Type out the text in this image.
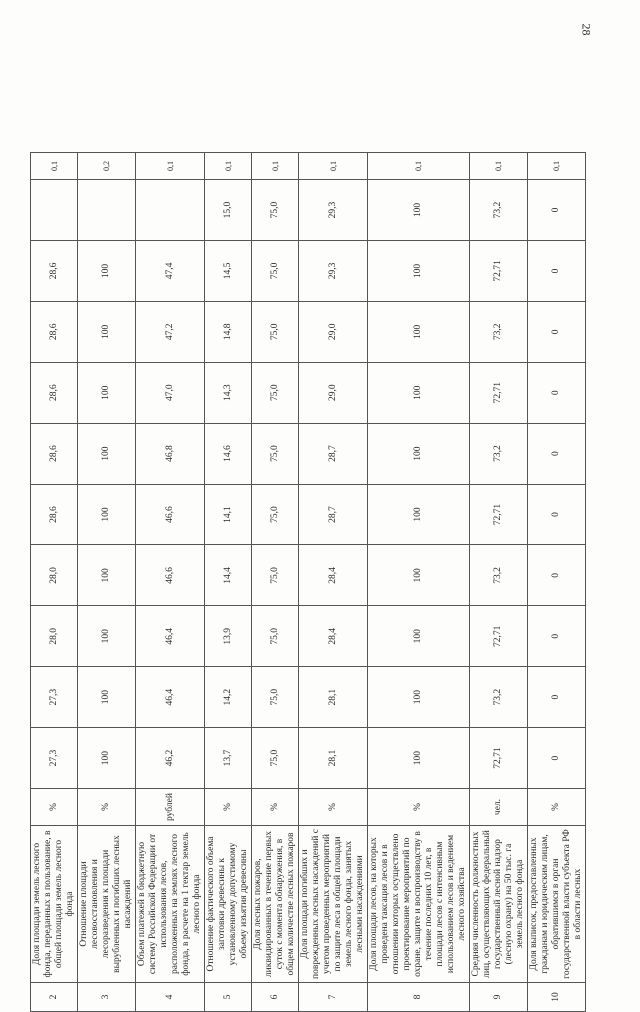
28
2	Доля площади земель лесного фонда, переданных в пользование, в общей площади земель лесного фонда	%	27,3	27,3	28,0	28,0	28,6	28,6	28,6	28,6	28,6		0,1
3	Отношение площади лесовосстановления и лесоразведения к площади вырубленных и погибших лесных насаждений	%	100	100	100	100	100	100	100	100	100		0,2
4	Объем платежей в бюджетную систему Российской Федерации от использования лесов, расположенных на землях лесного фонда, в расчете на 1 гектар земель лесного фонда	рублей	46,2	46,4	46,4	46,6	46,6	46,8	47,0	47,2	47,4		0,1
5	Отношение фактического объема заготовки древесины к установленному допустимому объему изъятия древесины	%	13,7	14,2	13,9	14,4	14,1	14,6	14,3	14,8	14,5	15,0	0,1
6	Доля лесных пожаров, ликвидированных в течение первых суток с момента обнаружения, в общем количестве лесных пожаров	%	75,0	75,0	75,0	75,0	75,0	75,0	75,0	75,0	75,0	75,0	0,1
7	Доля площади погибших и поврежденных лесных насаждений с учетом проведенных мероприятий по защите леса в общей площади земель лесного фонда, занятых лесными насаждениями	%	28,1	28,1	28,4	28,4	28,7	28,7	29,0	29,0	29,3	29,3	0,1
8	Доля площади лесов, на которых проведена таксация лесов и в отношении которых осуществлено проектирование мероприятий по охране, защите и воспроизводству в течение последних 10 лет, в площади лесов с интенсивным использованием лесов и ведением лесного хозяйства	%	100	100	100	100	100	100	100	100	100	100	0,1
9	Средняя численность должностных лиц, осуществляющих федеральный государственный лесной надзор (лесную охрану) на 50 тыс. га земель лесного фонда	чел.	72,71	73,2	72,71	73,2	72,71	73,2	72,71	73,2	72,71	73,2	0,1
10	Доля выписок, предоставленных гражданам и юридическим лицам, обратившимся в орган государственной власти субъекта РФ в области лесных	%	0	0	0	0	0	0	0	0	0	0	0,1
